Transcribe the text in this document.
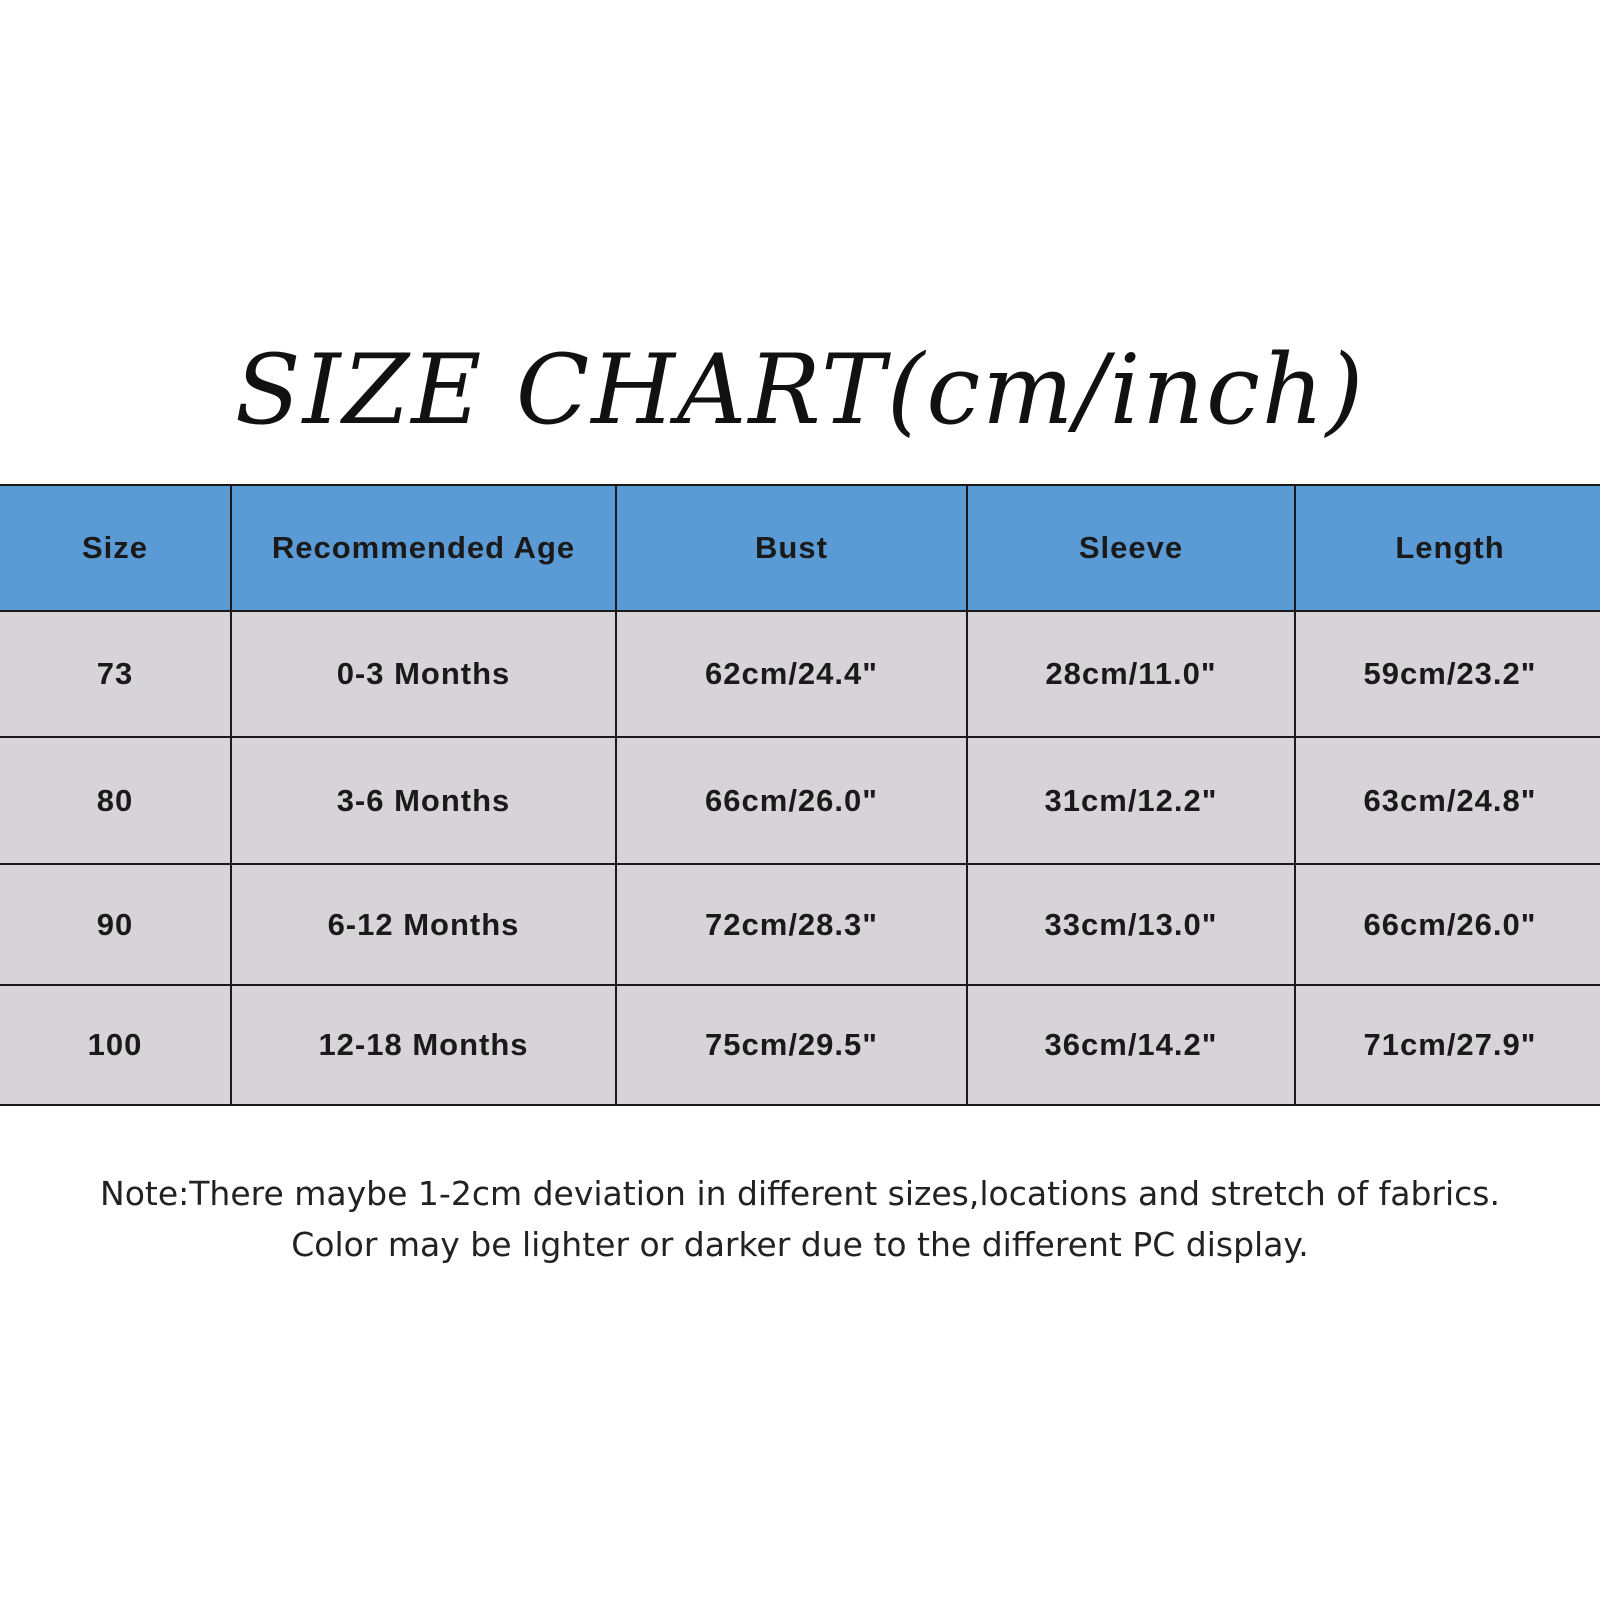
SIZE CHART(cm/inch)
Size	Recommended Age	Bust	Sleeve	Length
73	0-3 Months	62cm/24.4"	28cm/11.0"	59cm/23.2"
80	3-6 Months	66cm/26.0"	31cm/12.2"	63cm/24.8"
90	6-12 Months	72cm/28.3"	33cm/13.0"	66cm/26.0"
100	12-18 Months	75cm/29.5"	36cm/14.2"	71cm/27.9"
Note:There maybe 1-2cm deviation in different sizes,locations and stretch of fabrics.
Color may be lighter or darker due to the different PC display.
